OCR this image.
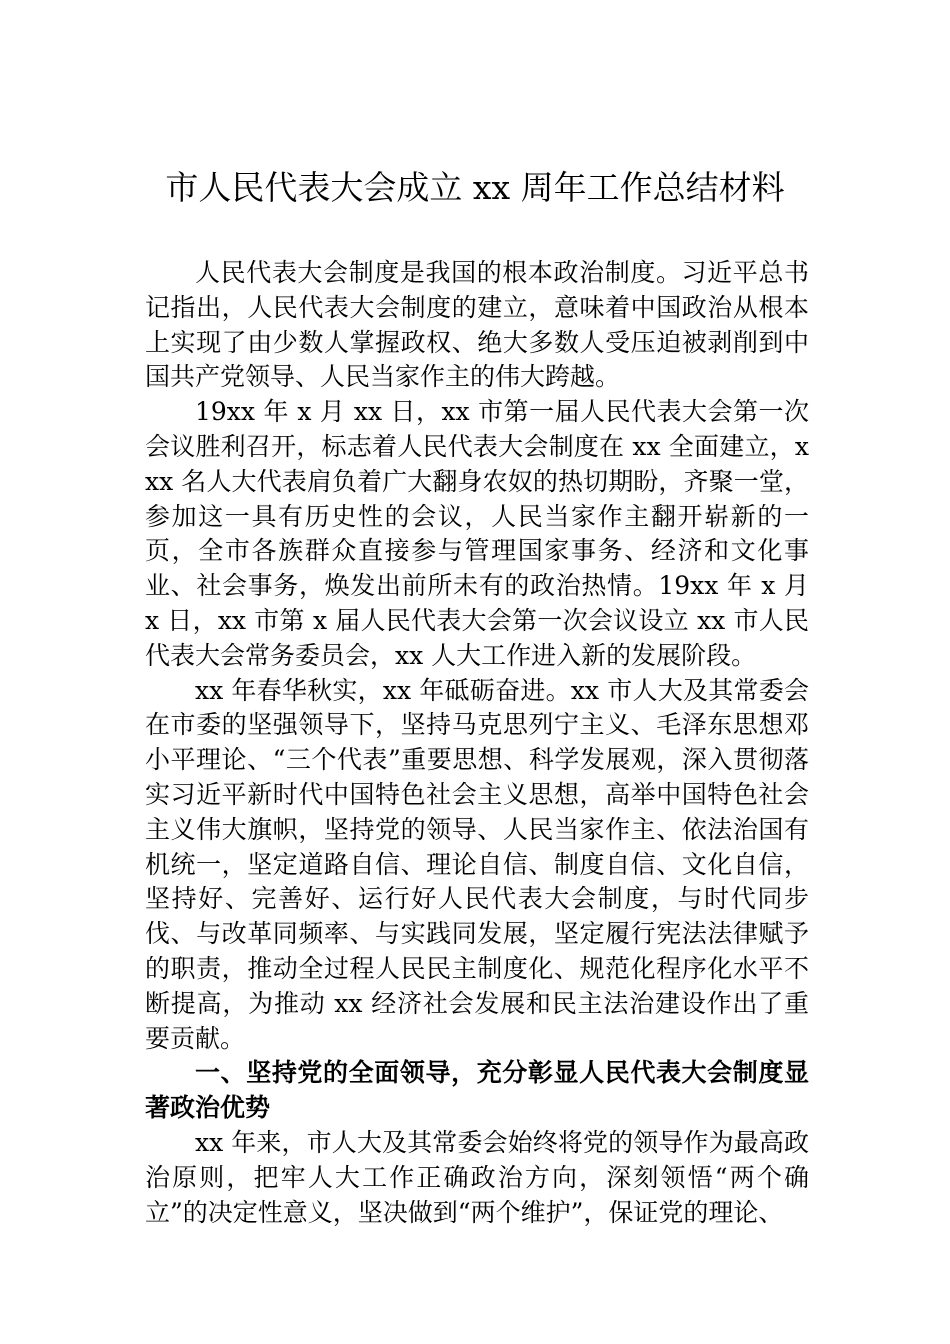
市人民代表大会成立 xx 周年工作总结材料

人民代表大会制度是我国的根本政治制度。习近平总书记指出，人民代表大会制度的建立，意味着中国政治从根本上实现了由少数人掌握政权、绝大多数人受压迫被剥削到中国共产党领导、人民当家作主的伟大跨越。

19xx 年 x 月 xx 日，xx 市第一届人民代表大会第一次会议胜利召开，标志着人民代表大会制度在 xx 全面建立，xxx 名人大代表肩负着广大翻身农奴的热切期盼，齐聚一堂，参加这一具有历史性的会议，人民当家作主翻开崭新的一页，全市各族群众直接参与管理国家事务、经济和文化事业、社会事务，焕发出前所未有的政治热情。19xx 年 x 月 x 日，xx 市第 x 届人民代表大会第一次会议设立 xx 市人民代表大会常务委员会，xx 人大工作进入新的发展阶段。

xx 年春华秋实，xx 年砥砺奋进。xx 市人大及其常委会在市委的坚强领导下，坚持马克思列宁主义、毛泽东思想邓小平理论、“三个代表”重要思想、科学发展观，深入贯彻落实习近平新时代中国特色社会主义思想，高举中国特色社会主义伟大旗帜，坚持党的领导、人民当家作主、依法治国有机统一，坚定道路自信、理论自信、制度自信、文化自信，坚持好、完善好、运行好人民代表大会制度，与时代同步伐、与改革同频率、与实践同发展，坚定履行宪法法律赋予的职责，推动全过程人民民主制度化、规范化程序化水平不断提高，为推动 xx 经济社会发展和民主法治建设作出了重要贡献。

一、坚持党的全面领导，充分彰显人民代表大会制度显著政治优势

xx 年来，市人大及其常委会始终将党的领导作为最高政治原则，把牢人大工作正确政治方向，深刻领悟“两个确立”的决定性意义，坚决做到“两个维护”，保证党的理论、
